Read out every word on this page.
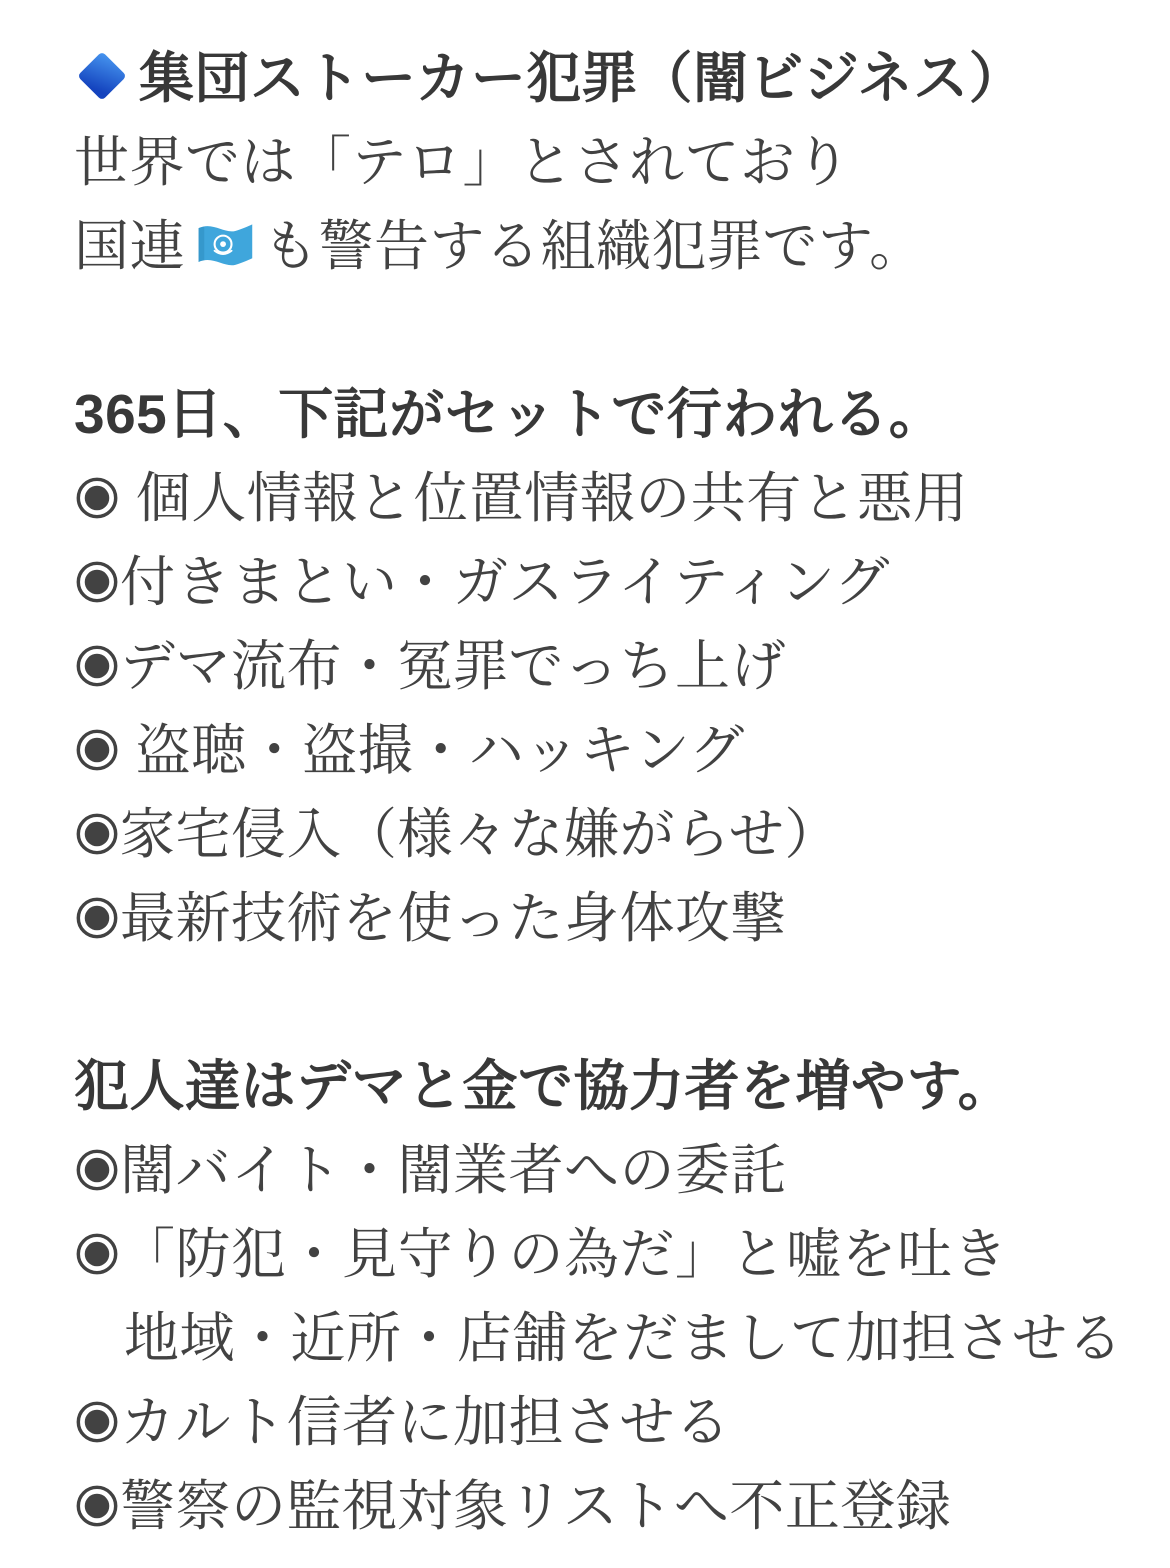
集団ストーカー犯罪（闇ビジネス）

世界では「テロ」とされており

国連 も警告する組織犯罪です。

365日、下記がセットで行われる。

個人情報と位置情報の共有と悪用

付きまとい・ガスライティング

デマ流布・冤罪でっち上げ

盗聴・盗撮・ハッキング

家宅侵入（様々な嫌がらせ）

最新技術を使った身体攻撃

犯人達はデマと金で協力者を増やす。

闇バイト・闇業者への委託

「防犯・見守りの為だ」と嘘を吐き

地域・近所・店舗をだまして加担させる

カルト信者に加担させる

警察の監視対象リストへ不正登録
